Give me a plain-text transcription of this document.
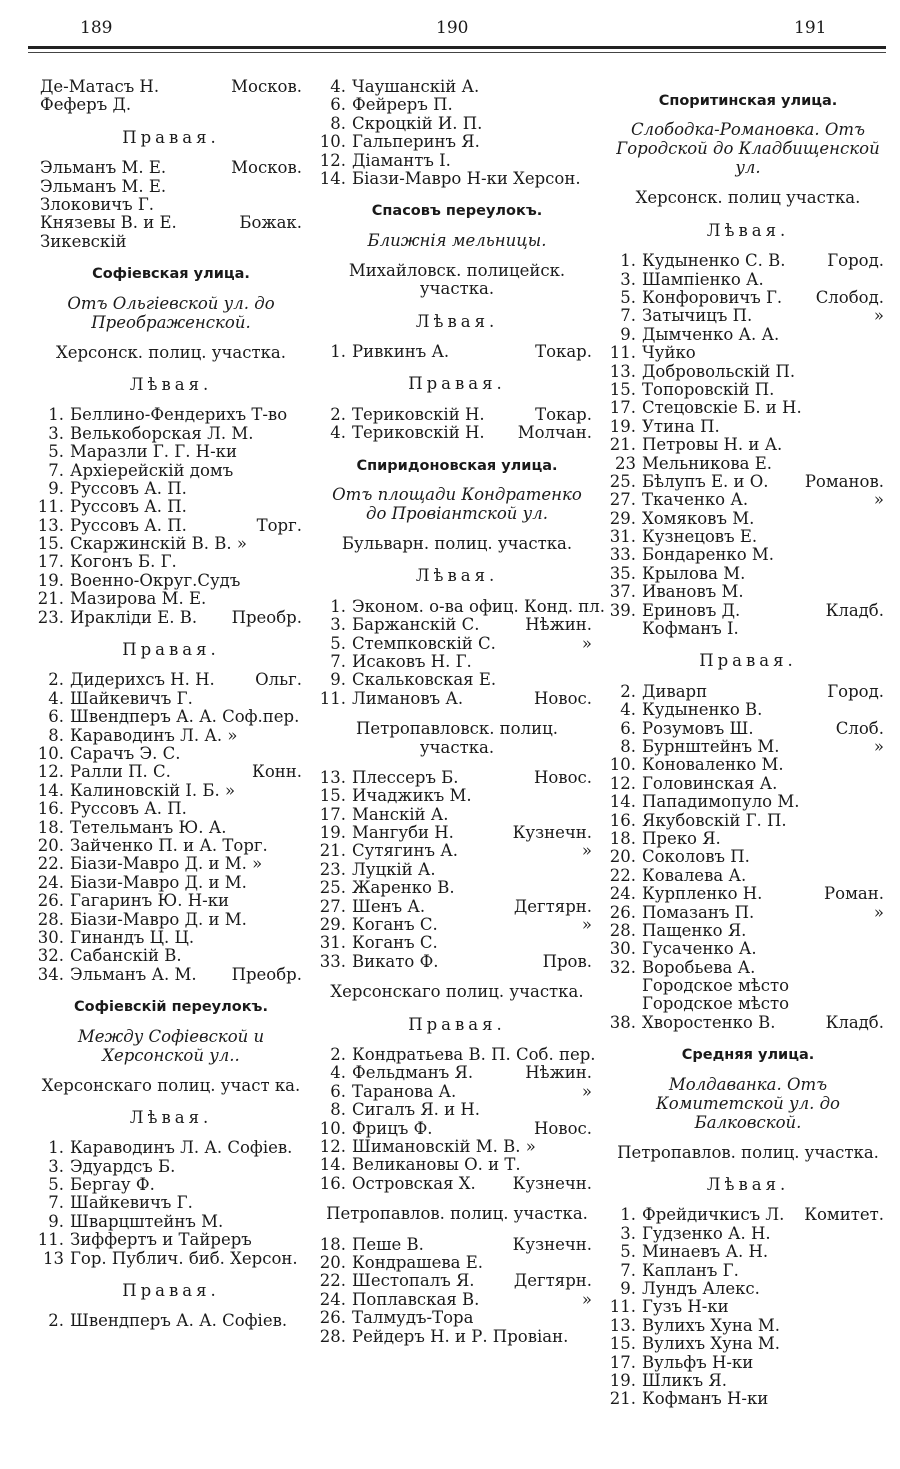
189	190	191
Де-Матасъ Н.	Москов.
Феферъ Д.
Правая.
Эльманъ М. Е.	Москов.
Эльманъ М. Е.
Злоковичъ Г.
Князевы В. и Е.	Божак.
Зикевскій
Софіевская улица.
Отъ Ольгіевской ул. до Преображенской.
Херсонск. полиц. участка.
Лѣвая.
1. Беллино-Фендерихъ Т-во
3. Велькоборская Л. М.
5. Маразли Г. Г. Н-ки
7. Архіерейскій домъ
9. Руссовъ А. П.
11. Руссовъ А. П.
13. Руссовъ А. П.	Торг.
15. Скаржинскій В. В. »
17. Когонъ Б. Г.
19. Военно-Округ.Судъ
21. Мазирова М. Е.
23. Иракліди Е. В. Преобр.
Правая.
2. Дидерихсъ Н. Н. Ольг.
4. Шайкевичъ Г.
6. Швендперъ А. А. Соф.пер.
8. Караводинъ Л. А. »
10. Сарачъ Э. С.
12. Ралли П. С.	Конн.
14. Калиновскій I. Б. »
16. Руссовъ А. П.
18. Тетельманъ Ю. А.
20. Зайченко П. и А. Торг.
22. Біази-Мавро Д. и М. »
24. Біази-Мавро Д. и М.
26. Гагаринъ Ю. Н-ки
28. Біази-Мавро Д. и М.
30. Гинандъ Ц. Ц.
32. Сабанскій В.
34. Эльманъ А. М. Преобр.
Софіевскій переулокъ.
Между Софіевской и Херсонской ул..
Херсонскаго полиц. участ ка.
Лѣвая.
1. Караводинъ Л. А. Софіев.
3. Эдуардсъ Б.
5. Бергау Ф.
7. Шайкевичъ Г.
9. Шварцштейнъ М.
11. Зиффертъ и Тайреръ
13 Гор. Публич. биб. Херсон.
Правая.
2. Швендперъ А. А. Софіев.
4. Чаушанскій А.
6. Фейреръ П.
8. Скроцкій И. П.
10. Гальперинъ Я.
12. Діамантъ I.
14. Біази-Мавро Н-ки Херсон.
Спасовъ переулокъ.
Ближнія мельницы.
Михайловск. полицейск. участка.
Лѣвая.
1. Ривкинъ А.	Токар.
Правая.
2. Териковскій Н.	Токар.
4. Териковскій Н. Молчан.
Спиридоновская улица.
Отъ площади Кондратенко до Провіантской ул.
Бульварн. полиц. участка.
Лѣвая.
1. Эконом. о-ва офиц. Конд. пл.
3. Баржанскій С.	Нѣжин.
5. Стемпковскій С.	»
7. Исаковъ Н. Г.
9. Скальковская Е.
11. Лимановъ А.	Новос.
Петропавловск. полиц. участка.
13. Плессеръ Б.	Новос.
15. Ичаджикъ М.
17. Манскій А.
19. Мангуби Н.	Кузнечн.
21. Сутягинъ А.	»
23. Луцкій А.
25. Жаренко В.
27. Шенъ А.	Дегтярн.
29. Коганъ С.	»
31. Коганъ С.
33. Викато Ф.	Пров.
Херсонскаго полиц. участка.
Правая.
2. Кондратьева В. П. Соб. пер.
4. Фельдманъ Я.	Нѣжин.
6. Таранова А.	»
8. Сигалъ Я. и Н.
10. Фрицъ Ф.	Новос.
12. Шимановскій М. В. »
14. Великановы О. и Т.
16. Островская Х. Кузнечн.
Петропавлов. полиц. участка.
18. Пеше В.	Кузнечн.
20. Кондрашева Е.
22. Шестопалъ Я. Дегтярн.
24. Поплавская В.	»
26. Талмудъ-Тора
28. Рейдеръ Н. и Р. Провіан.
Споритинская улица.
Слободка-Романовка. Отъ Городской до Кладбищенской ул.
Херсонск. полиц участка.
Лѣвая.
1. Кудыненко С. В.	Город.
3. Шампіенко А.
5. Конфоровичъ Г. Слобод.
7. Затычицъ П.	»
9. Дымченко А. А.
11. Чуйко
13. Добровольскій П.
15. Топоровскій П.
17. Стецовскіе Б. и Н.
19. Утина П.
21. Петровы Н. и А.
23 Мельникова Е.
25. Бѣлупъ Е. и О. Романов.
27. Ткаченко А.	»
29. Хомяковъ М.
31. Кузнецовъ Е.
33. Бондаренко М.
35. Крылова М.
37. Ивановъ М.
39. Ериновъ Д.	Кладб.
Кофманъ I.
Правая.
2. Диварп	Город.
4. Кудыненко В.
6. Розумовъ Ш.	Слоб.
8. Бурнштейнъ М.	»
10. Коноваленко М.
12. Головинская А.
14. Пападимопуло М.
16. Якубовскій Г. П.
18. Преко Я.
20. Соколовъ П.
22. Ковалева А.
24. Курпленко Н.	Роман.
26. Помазанъ П.	»
28. Пащенко Я.
30. Гусаченко А.
32. Воробьева А.
Городское мѣсто
Городское мѣсто
38. Хворостенко В.	Кладб.
Средняя улица.
Молдаванка. Отъ Комитетской ул. до Балковской.
Петропавлов. полиц. участка.
Лѣвая.
1. Фрейдичкисъ Л. Комитет.
3. Гудзенко А. Н.
5. Минаевъ А. Н.
7. Капланъ Г.
9. Лундъ Алекс.
11. Гузъ Н-ки
13. Вулихъ Хуна М.
15. Вулихъ Хуна М.
17. Вульфъ Н-ки
19. Шликъ Я.
21. Кофманъ Н-ки
